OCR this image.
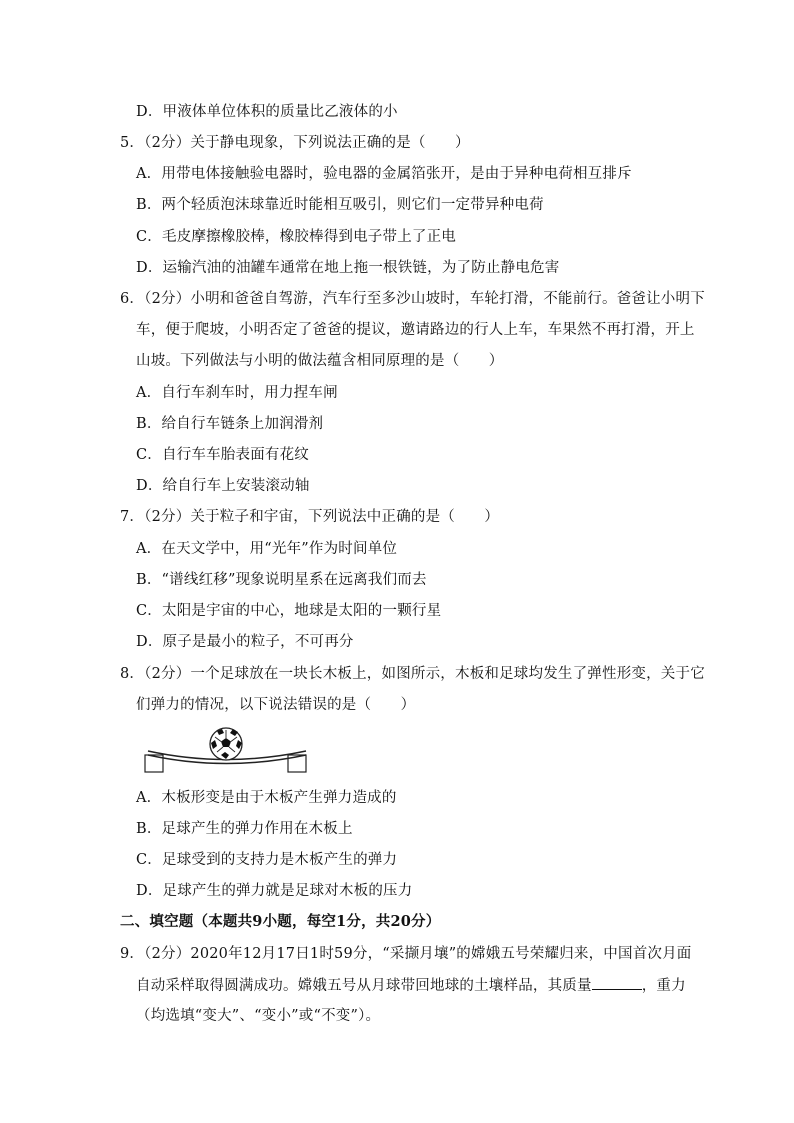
D．甲液体单位体积的质量比乙液体的小
5．（2分）关于静电现象，下列说法正确的是（　　）
A．用带电体接触验电器时，验电器的金属箔张开，是由于异种电荷相互排斥
B．两个轻质泡沫球靠近时能相互吸引，则它们一定带异种电荷
C．毛皮摩擦橡胶棒，橡胶棒得到电子带上了正电
D．运输汽油的油罐车通常在地上拖一根铁链，为了防止静电危害
6．（2分）小明和爸爸自驾游，汽车行至多沙山坡时，车轮打滑，不能前行。爸爸让小明下
车，便于爬坡，小明否定了爸爸的提议，邀请路边的行人上车，车果然不再打滑，开上
山坡。下列做法与小明的做法蕴含相同原理的是（　　）
A．自行车刹车时，用力捏车闸
B．给自行车链条上加润滑剂
C．自行车车胎表面有花纹
D．给自行车上安装滚动轴
7．（2分）关于粒子和宇宙，下列说法中正确的是（　　）
A．在天文学中，用“光年”作为时间单位
B．“谱线红移”现象说明星系在远离我们而去
C．太阳是宇宙的中心，地球是太阳的一颗行星
D．原子是最小的粒子，不可再分
8．（2分）一个足球放在一块长木板上，如图所示，木板和足球均发生了弹性形变，关于它
们弹力的情况，以下说法错误的是（　　）
A．木板形变是由于木板产生弹力造成的
B．足球产生的弹力作用在木板上
C．足球受到的支持力是木板产生的弹力
D．足球产生的弹力就是足球对木板的压力
二、填空题（本题共9小题，每空1分，共20分）
9．（2分）2020年12月17日1时59分，“采撷月壤”的嫦娥五号荣耀归来，中国首次月面
自动采样取得圆满成功。嫦娥五号从月球带回地球的土壤样品，其质量	，重力
（均选填“变大”、“变小”或“不变”）。
